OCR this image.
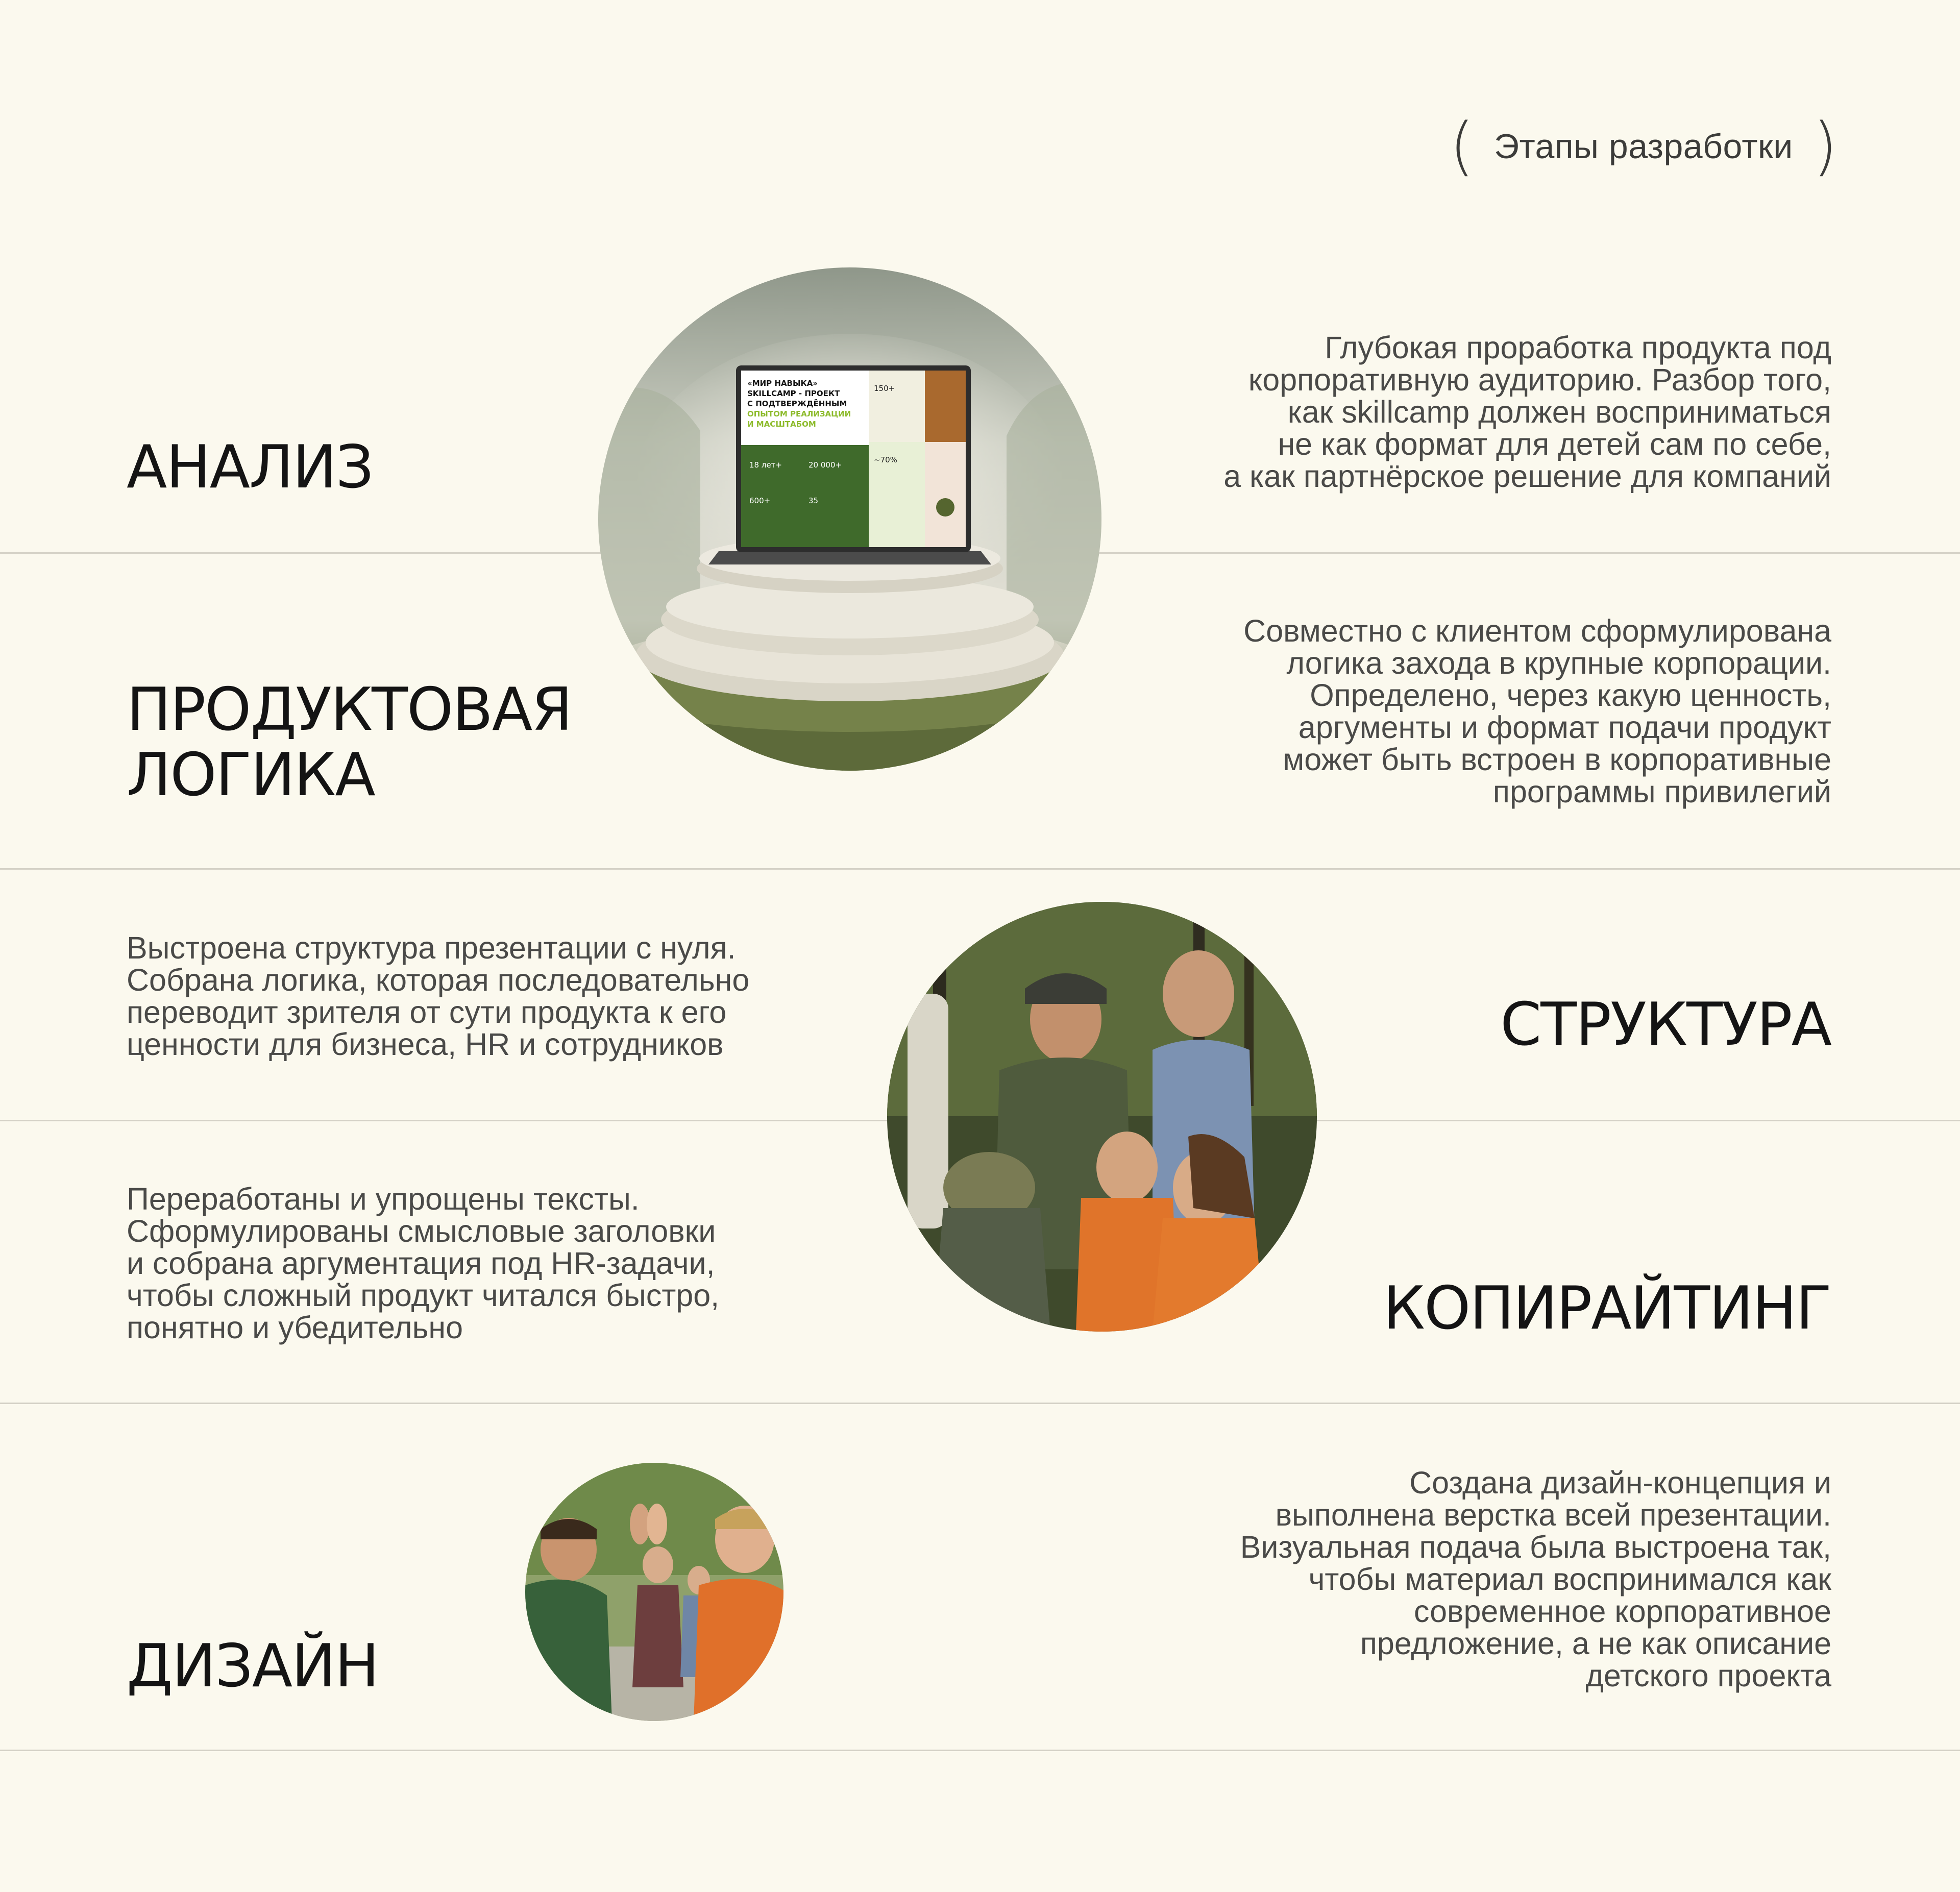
( Этапы разработки )
«МИР НАВЫКА»
SKILLCAMP - ПРОЕКТ
С ПОДТВЕРЖДЁННЫМ
ОПЫТОМ РЕАЛИЗАЦИИ
И МАСШТАБОМ
18 лет+	20 000+
600+	35
150+
~70%
АНАЛИЗ

Глубокая проработка продукта под
корпоративную аудиторию. Разбор того,
как skillcamp должен восприниматься
не как формат для детей сам по себе,
а как партнёрское решение для компаний

ПРОДУКТОВАЯ
ЛОГИКА

Совместно с клиентом сформулирована
логика захода в крупные корпорации.
Определено, через какую ценность,
аргументы и формат подачи продукт
может быть встроен в корпоративные
программы привилегий

СТРУКТУРА

Выстроена структура презентации с нуля.
Собрана логика, которая последовательно
переводит зрителя от сути продукта к его
ценности для бизнеса, HR и сотрудников

КОПИРАЙТИНГ

Переработаны и упрощены тексты.
Сформулированы смысловые заголовки
и собрана аргументация под HR-задачи,
чтобы сложный продукт читался быстро,
понятно и убедительно

ДИЗАЙН

Создана дизайн-концепция и
выполнена верстка всей презентации.
Визуальная подача была выстроена так,
чтобы материал воспринимался как
современное корпоративное
предложение, а не как описание
детского проекта
